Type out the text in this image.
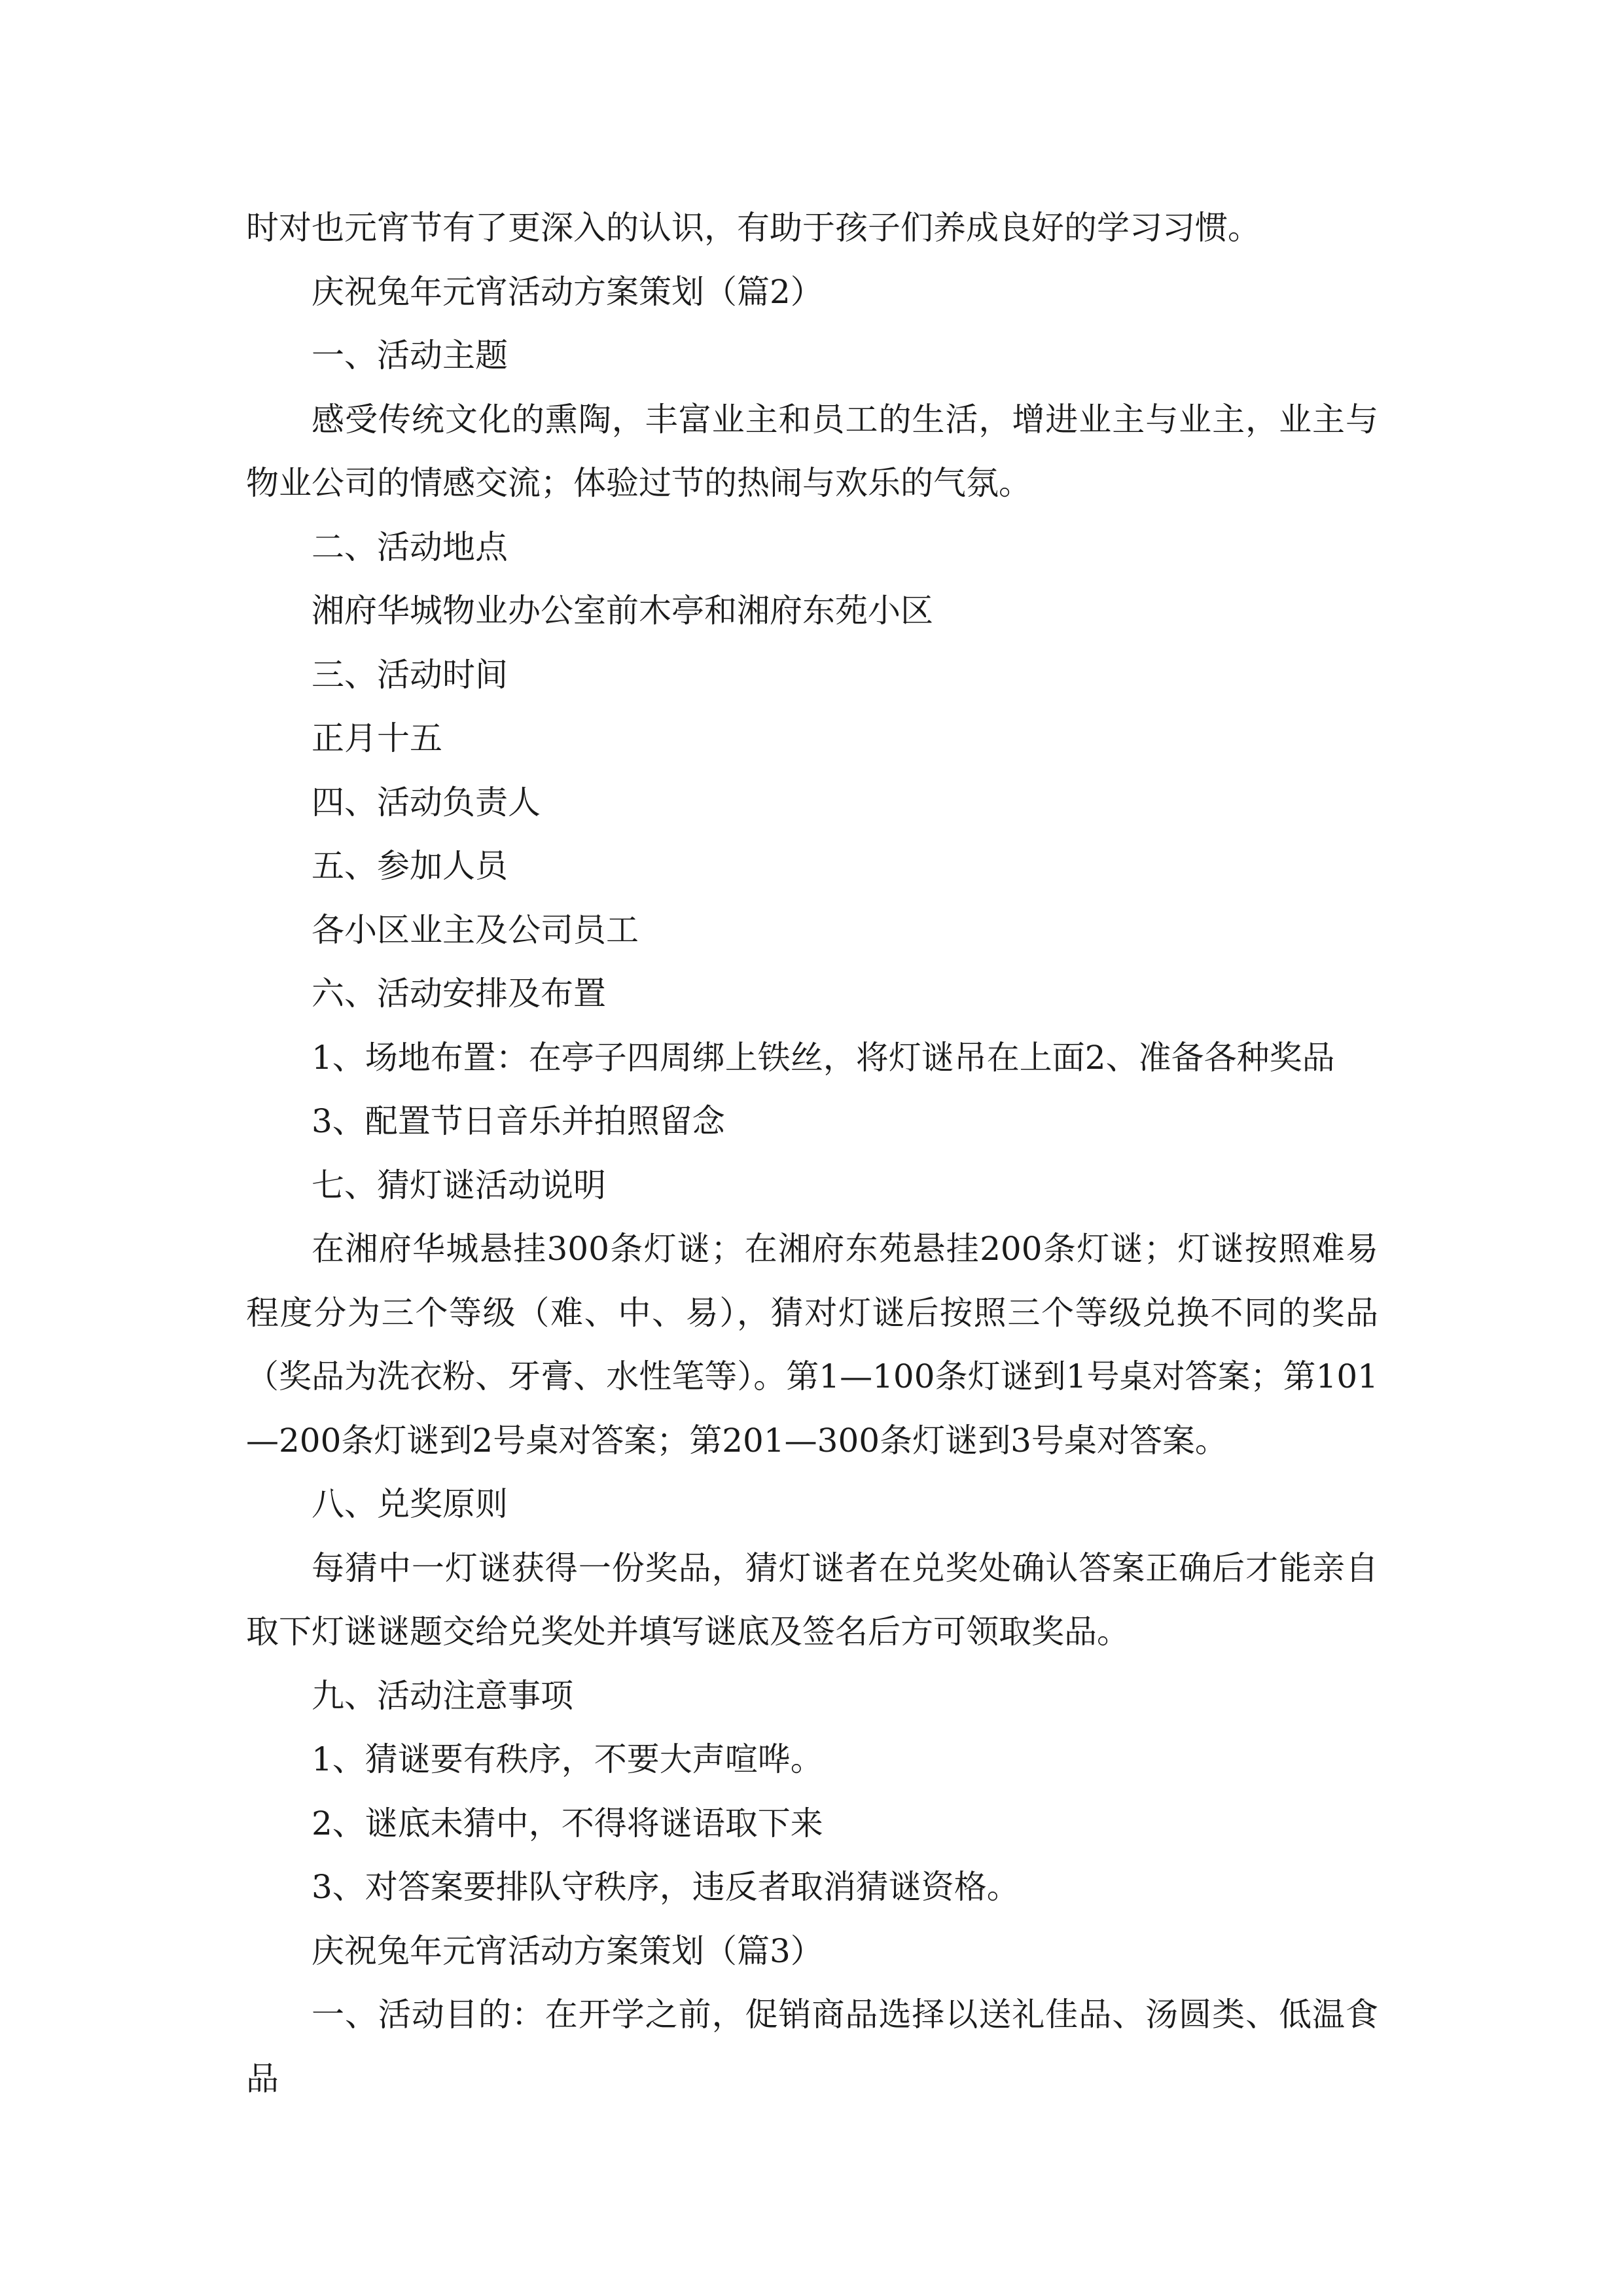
时对也元宵节有了更深入的认识，有助于孩子们养成良好的学习习惯。

庆祝兔年元宵活动方案策划（篇2）

一、活动主题

感受传统文化的熏陶，丰富业主和员工的生活，增进业主与业主，业主与物业公司的情感交流；体验过节的热闹与欢乐的气氛。

二、活动地点

湘府华城物业办公室前木亭和湘府东苑小区

三、活动时间

正月十五

四、活动负责人

五、参加人员

各小区业主及公司员工

六、活动安排及布置

1、场地布置：在亭子四周绑上铁丝，将灯谜吊在上面2、准备各种奖品

3、配置节日音乐并拍照留念

七、猜灯谜活动说明

在湘府华城悬挂300条灯谜；在湘府东苑悬挂200条灯谜；灯谜按照难易程度分为三个等级（难、中、易），猜对灯谜后按照三个等级兑换不同的奖品（奖品为洗衣粉、牙膏、水性笔等）。第1—100条灯谜到1号桌对答案；第101—200条灯谜到2号桌对答案；第201—300条灯谜到3号桌对答案。

八、兑奖原则

每猜中一灯谜获得一份奖品，猜灯谜者在兑奖处确认答案正确后才能亲自取下灯谜谜题交给兑奖处并填写谜底及签名后方可领取奖品。

九、活动注意事项

1、猜谜要有秩序，不要大声喧哗。

2、谜底未猜中，不得将谜语取下来

3、对答案要排队守秩序，违反者取消猜谜资格。

庆祝兔年元宵活动方案策划（篇3）

一、活动目的：在开学之前，促销商品选择以送礼佳品、汤圆类、低温食品
